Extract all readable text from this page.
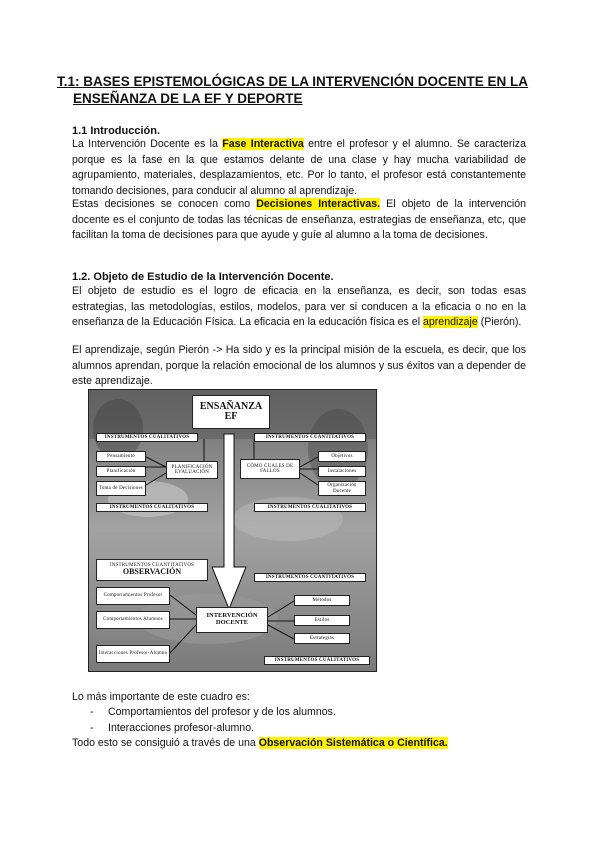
T.1: BASES EPISTEMOLÓGICAS DE LA INTERVENCIÓN DOCENTE EN LA
ENSEÑANZA DE LA EF Y DEPORTE
1.1 Introducción.
La Intervención Docente es la Fase Interactiva entre el profesor y el alumno. Se caracteriza porque es la fase en la que estamos delante de una clase y hay mucha variabilidad de agrupamiento, materiales, desplazamientos, etc. Por lo tanto, el profesor está constantemente tomando decisiones, para conducir al alumno al aprendizaje.
Estas decisiones se conocen como Decisiones Interactivas. El objeto de la intervención docente es el conjunto de todas las técnicas de enseñanza, estrategias de enseñanza, etc, que facilitan la toma de decisiones para que ayude y guíe al alumno a la toma de decisiones.
1.2. Objeto de Estudio de la Intervención Docente.
El objeto de estudio es el logro de eficacia en la enseñanza, es decir, son todas esas estrategias, las metodologías, estilos, modelos, para ver si conducen a la eficacia o no en la enseñanza de la Educación Física. La eficacia en la educación física es el aprendizaje (Pierón).
El aprendizaje, según Pierón -> Ha sido y es la principal misión de la escuela, es decir, que los alumnos aprendan, porque la relación emocional de los alumnos y sus éxitos van a depender de este aprendizaje.
ENSAÑANZA
EF
INSTRUMENTOS CUALITATIVOS	INSTRUMENTOS CUANTITATIVOS
Pensamiento
Planificación
Toma de Decisiones
PLANIFICACIÓN EVALUACIÓN
CÓMO CUALES DE FALLOS
Objetivos
Instalaciones
Organización Docente
INSTRUMENTOS CUALITATIVOS	INSTRUMENTOS CUALITATIVOS
INSTRUMENTOS CUANTITATIVOS
OBSERVACIÓN
INSTRUMENTOS CUANTITATIVOS
Comportamientos Profesor
Comportamientos Alumnos
Interacciones Profesor-Alumno
INTERVENCIÓN
DOCENTE
Métodos
Estilos
Estrategias
INSTRUMENTOS CUALITATIVOS
Lo más importante de este cuadro es:
- Comportamientos del profesor y de los alumnos.
- Interacciones profesor-alumno.
Todo esto se consiguió a través de una Observación Sistemática o Científica.
